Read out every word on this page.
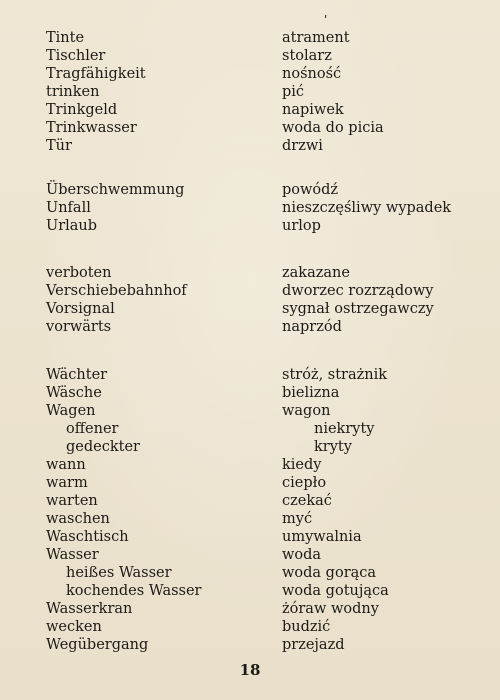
ʹ
Tinte	atrament
Tischler	stolarz
Tragfähigkeit	nośność
trinken	pić
Trinkgeld	napiwek
Trinkwasser	woda do picia
Tür	drzwi
Überschwemmung	powódź
Unfall	nieszczęśliwy wypadek
Urlaub	urlop
verboten	zakazane
Verschiebebahnhof	dworzec rozrządowy
Vorsignal	sygnał ostrzegawczy
vorwärts	naprzód
Wächter	stróż, strażnik
Wäsche	bielizna
Wagen	wagon
offener	niekryty
gedeckter	kryty
wann	kiedy
warm	ciepło
warten	czekać
waschen	myć
Waschtisch	umywalnia
Wasser	woda
heißes Wasser	woda gorąca
kochendes Wasser	woda gotująca
Wasserkran	żóraw wodny
wecken	budzić
Wegübergang	przejazd
18
